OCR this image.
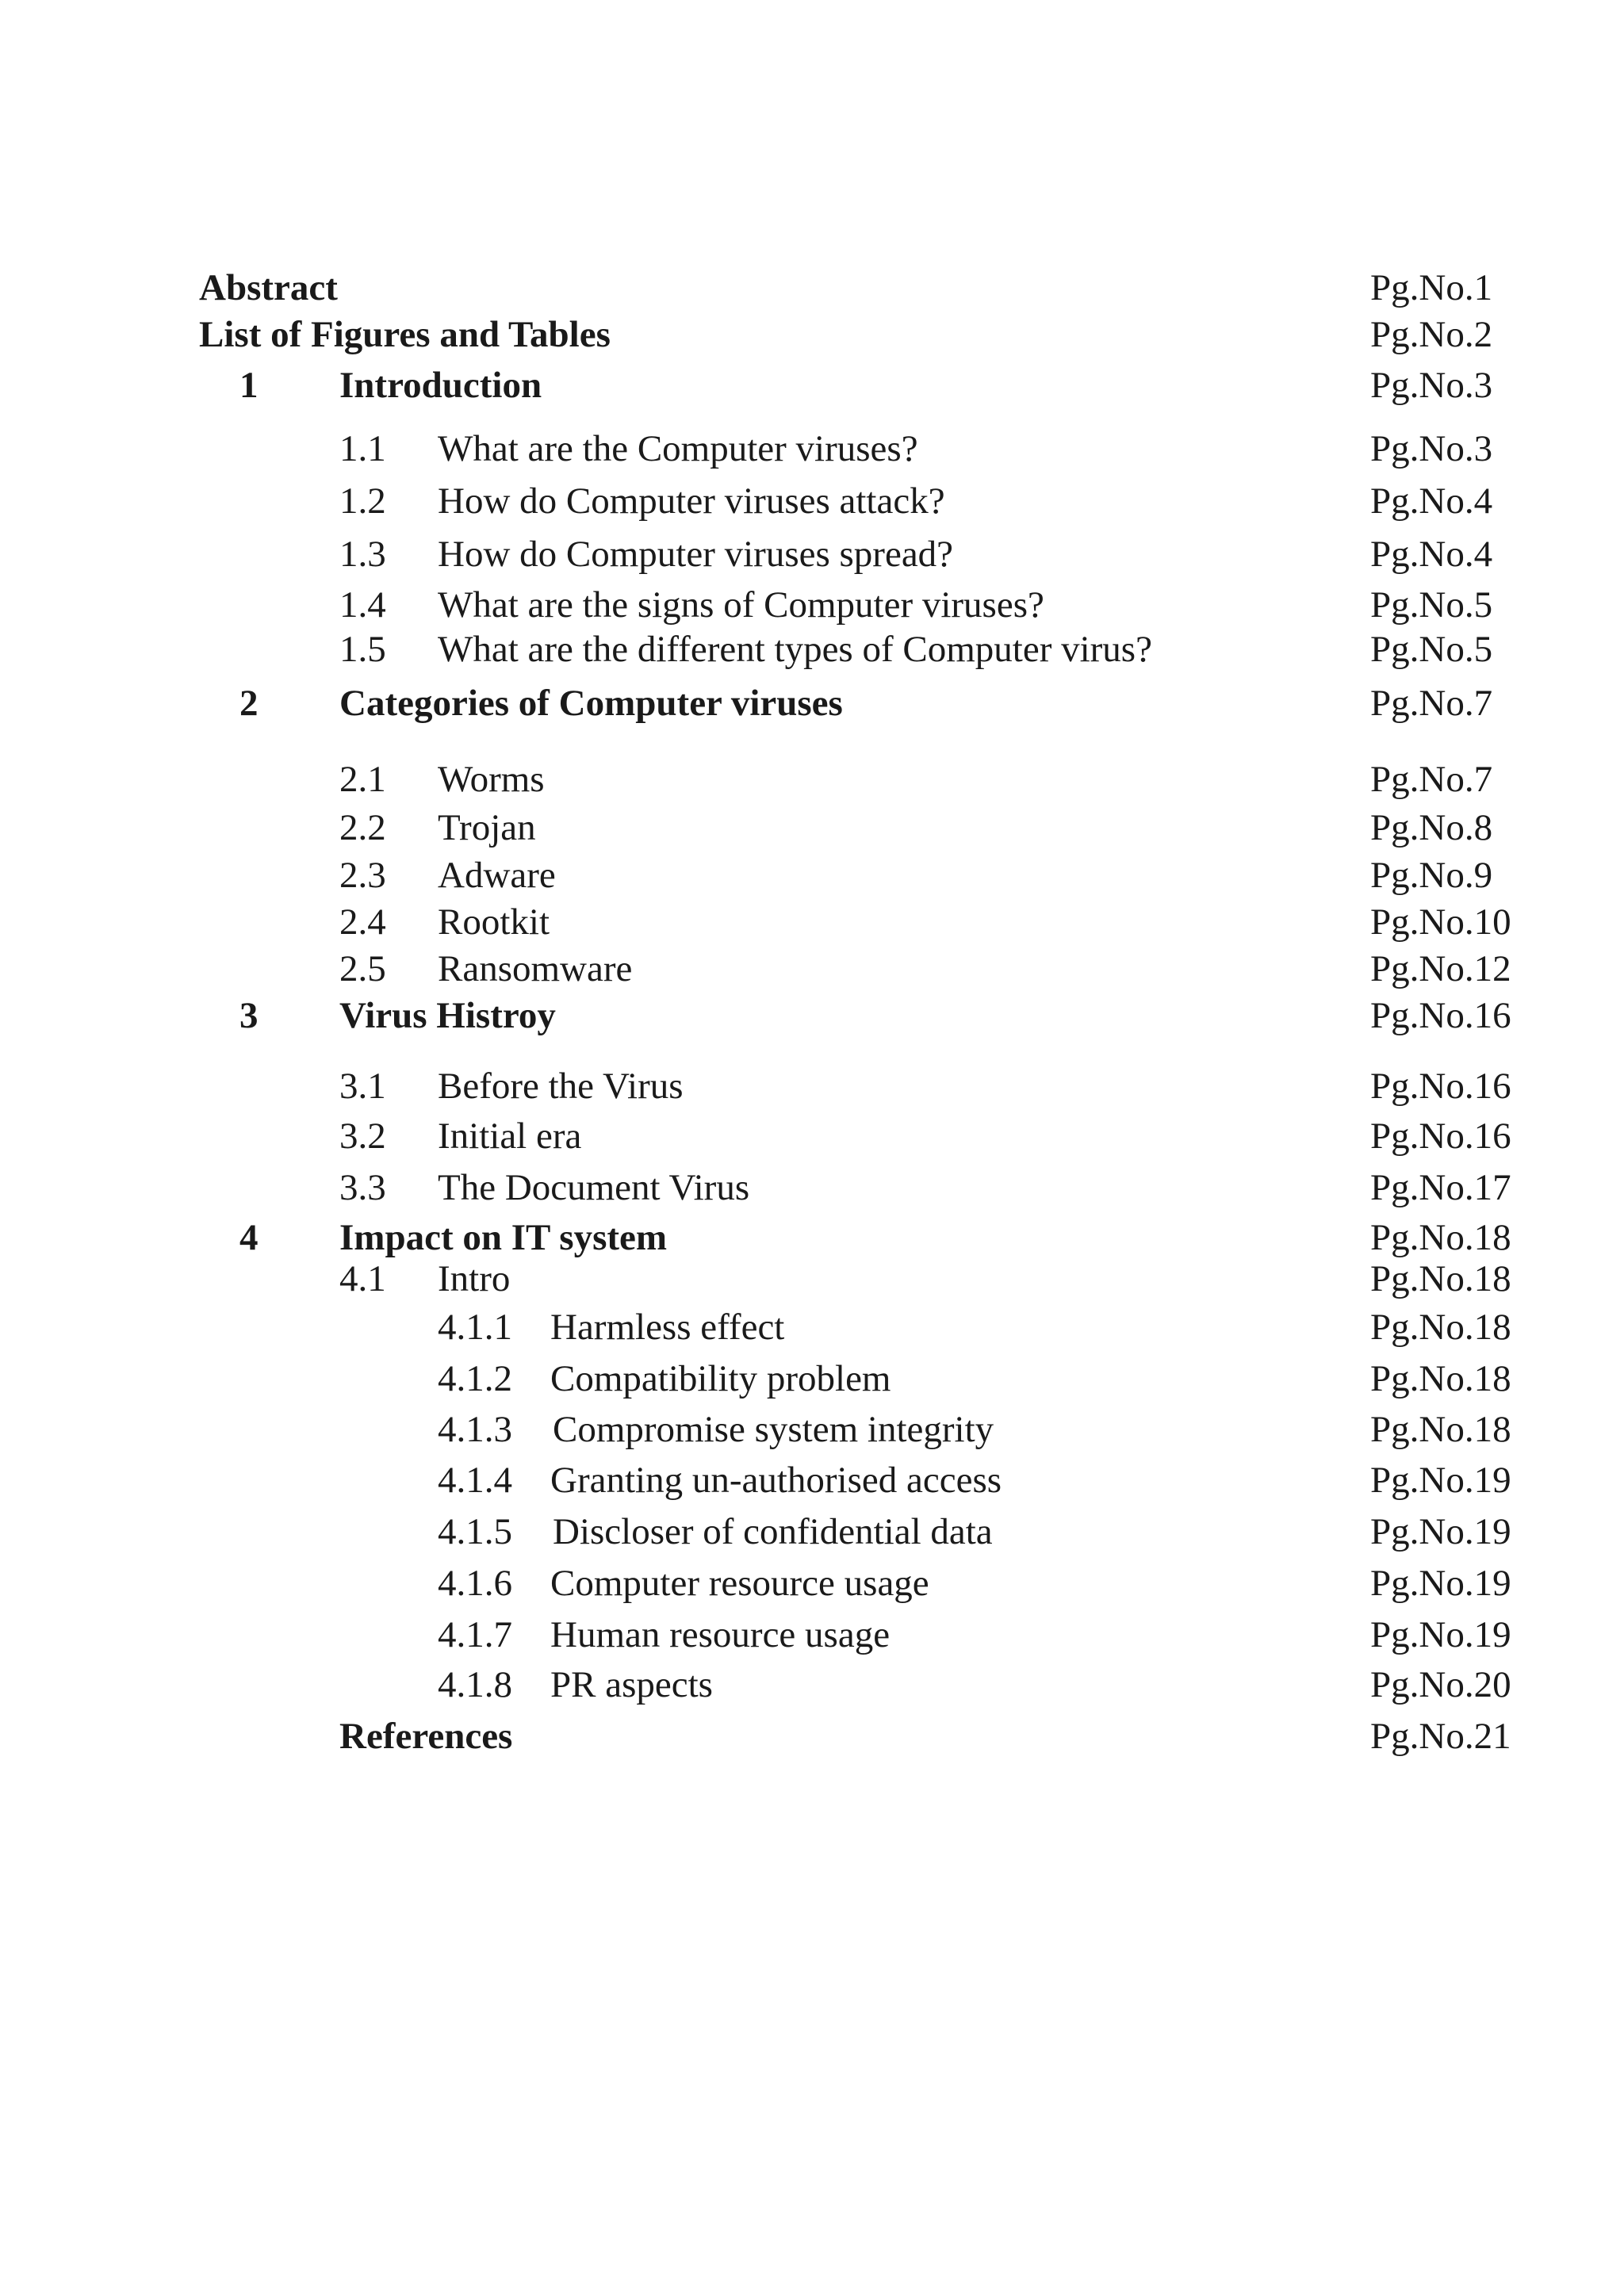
Abstract	Pg.No.1
List of Figures and Tables	Pg.No.2
1 Introduction	Pg.No.3
1.1 What are the Computer viruses?	Pg.No.3
1.2 How do Computer viruses attack?	Pg.No.4
1.3 How do Computer viruses spread?	Pg.No.4
1.4 What are the signs of Computer viruses?	Pg.No.5
1.5 What are the different types of Computer virus?	Pg.No.5
2 Categories of Computer viruses	Pg.No.7
2.1 Worms	Pg.No.7
2.2 Trojan	Pg.No.8
2.3 Adware	Pg.No.9
2.4 Rootkit	Pg.No.10
2.5 Ransomware	Pg.No.12
3 Virus Histroy	Pg.No.16
3.1 Before the Virus	Pg.No.16
3.2 Initial era	Pg.No.16
3.3 The Document Virus	Pg.No.17
4 Impact on IT system	Pg.No.18
4.1 Intro	Pg.No.18
4.1.1 Harmless effect	Pg.No.18
4.1.2 Compatibility problem	Pg.No.18
4.1.3 Compromise system integrity	Pg.No.18
4.1.4 Granting un-authorised access	Pg.No.19
4.1.5 Discloser of confidential data	Pg.No.19
4.1.6 Computer resource usage	Pg.No.19
4.1.7 Human resource usage	Pg.No.19
4.1.8 PR aspects	Pg.No.20
References	Pg.No.21
